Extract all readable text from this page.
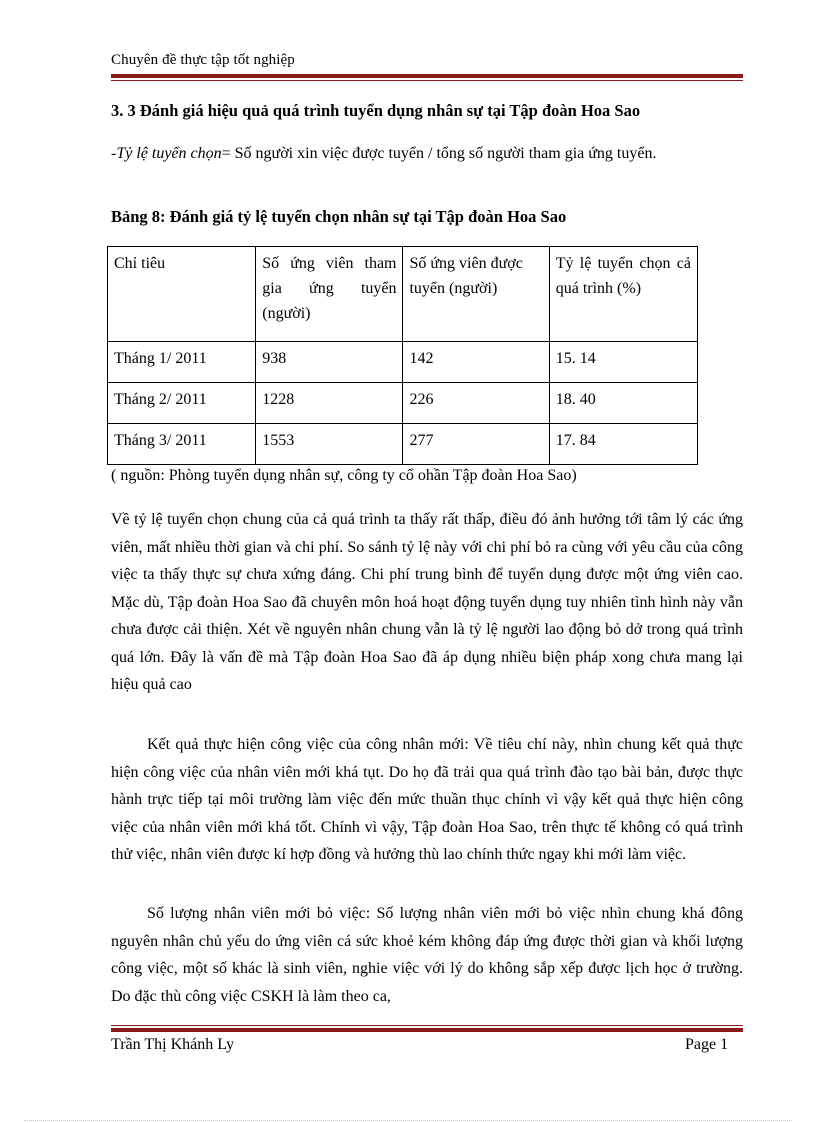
Chuyên đề thực tập tốt nghiệp
3. 3 Đánh giá hiệu quả quá trình tuyển dụng nhân sự tại Tập đoàn Hoa Sao
-Tỷ lệ tuyển chọn= Số người xin việc được tuyển / tổng số người tham gia ứng tuyển.
Bảng 8: Đánh giá tỷ lệ tuyển chọn nhân sự tại Tập đoàn Hoa Sao
Chỉ tiêu	Số ứng viên tham gia ứng tuyển (người)	Số ứng viên được tuyển (người)	Tỷ lệ tuyển chọn cả quá trình (%)
Tháng 1/ 2011	938	142	15. 14
Tháng 2/ 2011	1228	226	18. 40
Tháng 3/ 2011	1553	277	17. 84
( nguồn: Phòng tuyển dụng nhân sự, công ty cổ ohần Tập đoàn Hoa Sao)

Về tỷ lệ tuyển chọn chung của cả quá trình ta thấy rất thấp, điều đó ảnh hưởng tới tâm lý các ứng viên, mất nhiều thời gian và chi phí. So sánh tỷ lệ này với chi phí bỏ ra cùng với yêu cầu của công việc ta thấy thực sự chưa xứng đáng. Chi phí trung bình để tuyển dụng được một ứng viên cao. Mặc dù, Tập đoàn Hoa Sao đã chuyên môn hoá hoạt động tuyển dụng tuy nhiên tình hình này vẫn chưa được cải thiện. Xét về nguyên nhân chung vẫn là tỷ lệ người lao động bỏ dở trong quá trình quá lớn. Đây là vấn đề mà Tập đoàn Hoa Sao đã áp dụng nhiều biện pháp xong chưa mang lại hiệu quả cao

Kết quả thực hiện công việc của công nhân mới: Về tiêu chí này, nhìn chung kết quả thực hiện công việc của nhân viên mới khá tụt. Do họ đã trải qua quá trình đào tạo bài bản, được thực hành trực tiếp tại môi trường làm việc đến mức thuần thục chính vì vậy kết quả thực hiện công việc của nhân viên mới khá tốt. Chính vì vậy, Tập đoàn Hoa Sao, trên thực tế không có quá trình thử việc, nhân viên được kí hợp đồng và hưởng thù lao chính thức ngay khi mới làm việc.

Số lượng nhân viên mới bỏ việc: Số lượng nhân viên mới bỏ việc nhìn chung khá đông nguyên nhân chủ yếu do ứng viên cá sức khoẻ kém không đáp ứng được thời gian và khối lượng công việc, một số khác là sinh viên, nghie việc với lý do không sắp xếp được lịch học ở trường. Do đặc thù công việc CSKH là làm theo ca,

Trần Thị Khánh Ly	Page 1
